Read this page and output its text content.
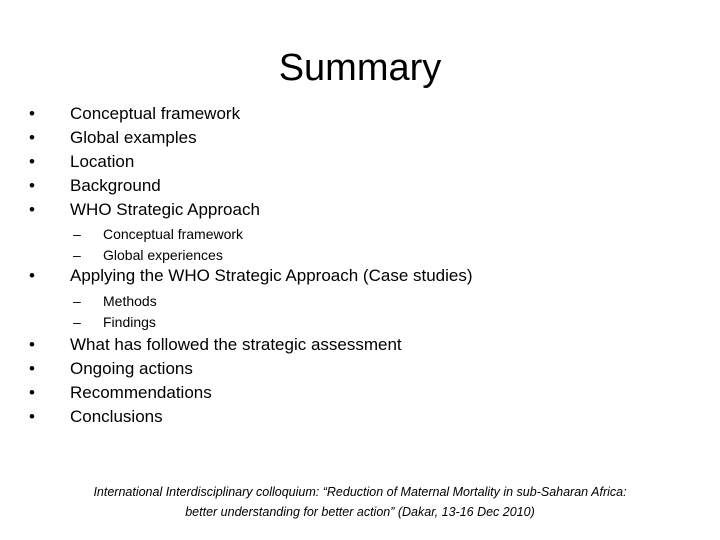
Summary
• Conceptual framework
• Global examples
• Location
• Background
• WHO Strategic Approach
– Conceptual framework
– Global experiences
• Applying the WHO Strategic Approach (Case studies)
– Methods
– Findings
• What has followed the strategic assessment
• Ongoing actions
• Recommendations
• Conclusions
International Interdisciplinary colloquium: “Reduction of Maternal Mortality in sub-Saharan Africa:
better understanding for better action” (Dakar, 13-16 Dec 2010)
